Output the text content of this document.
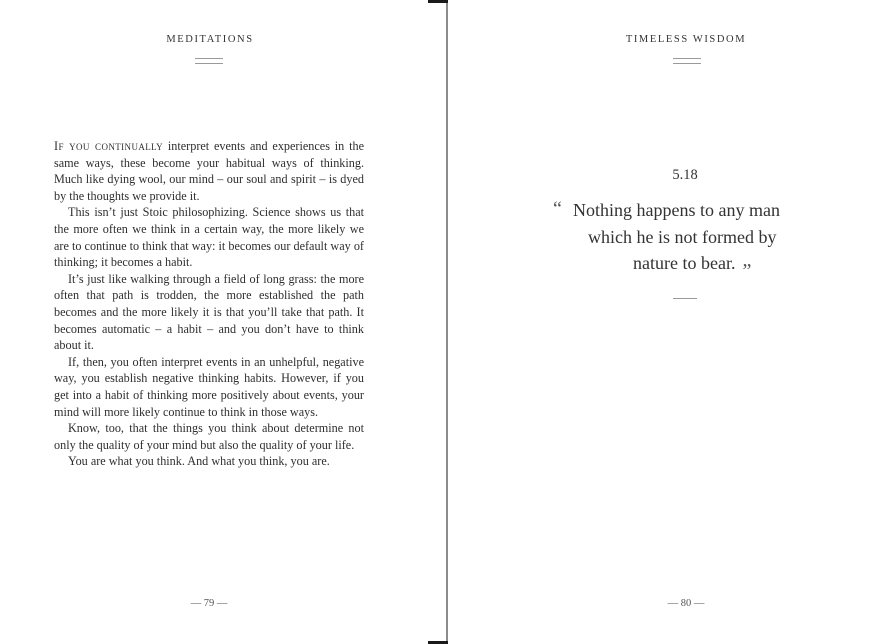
MEDITATIONS

If you continually interpret events and experiences in the same ways, these become your habitual ways of thinking. Much like dying wool, our mind – our soul and spirit – is dyed by the thoughts we provide it.

This isn’t just Stoic philosophizing. Science shows us that the more often we think in a certain way, the more likely we are to continue to think that way: it becomes our default way of thinking; it becomes a habit.

It’s just like walking through a field of long grass: the more often that path is trodden, the more established the path becomes and the more likely it is that you’ll take that path. It becomes automatic – a habit – and you don’t have to think about it.

If, then, you often interpret events in an unhelpful, negative way, you establish negative thinking habits. However, if you get into a habit of thinking more positively about events, your mind will more likely continue to think in those ways.

Know, too, that the things you think about determine not only the quality of your mind but also the quality of your life.

You are what you think. And what you think, you are.

— 79 —
TIMELESS WISDOM
5.18
“ Nothing happens to any man
which he is not formed by
nature to bear. ”
— 80 —
